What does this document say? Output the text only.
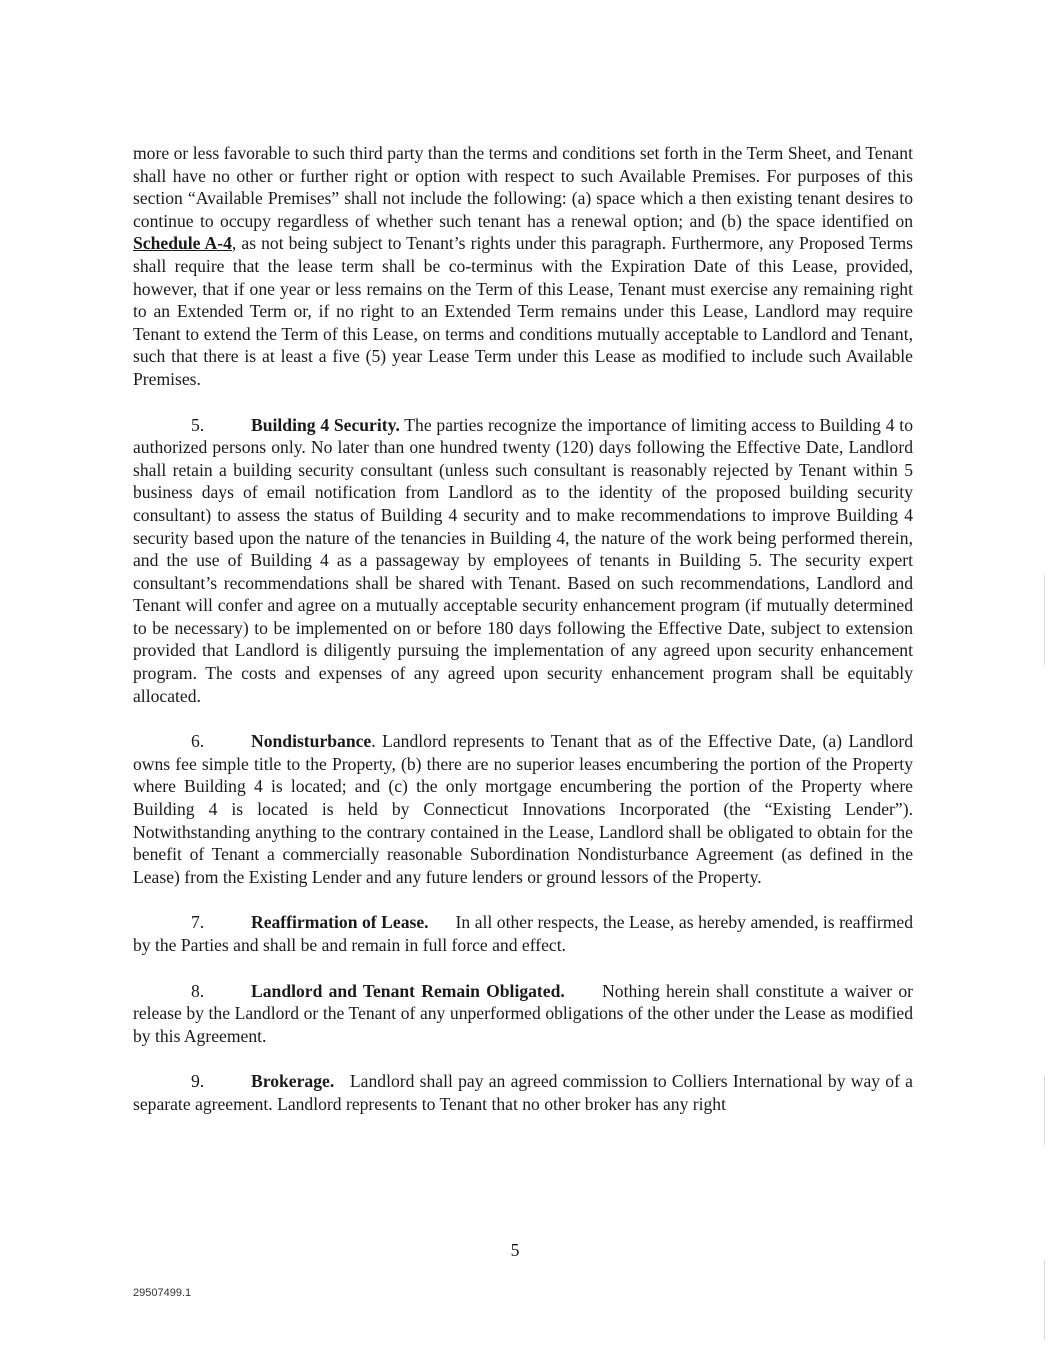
more or less favorable to such third party than the terms and conditions set forth in the Term Sheet, and Tenant shall have no other or further right or option with respect to such Available Premises. For purposes of this section “Available Premises” shall not include the following: (a) space which a then existing tenant desires to continue to occupy regardless of whether such tenant has a renewal option; and (b) the space identified on Schedule A-4, as not being subject to Tenant’s rights under this paragraph. Furthermore, any Proposed Terms shall require that the lease term shall be co-terminus with the Expiration Date of this Lease, provided, however, that if one year or less remains on the Term of this Lease, Tenant must exercise any remaining right to an Extended Term or, if no right to an Extended Term remains under this Lease, Landlord may require Tenant to extend the Term of this Lease, on terms and conditions mutually acceptable to Landlord and Tenant, such that there is at least a five (5) year Lease Term under this Lease as modified to include such Available Premises.

5.	Building 4 Security. The parties recognize the importance of limiting access to Building 4 to authorized persons only. No later than one hundred twenty (120) days following the Effective Date, Landlord shall retain a building security consultant (unless such consultant is reasonably rejected by Tenant within 5 business days of email notification from Landlord as to the identity of the proposed building security consultant) to assess the status of Building 4 security and to make recommendations to improve Building 4 security based upon the nature of the tenancies in Building 4, the nature of the work being performed therein, and the use of Building 4 as a passageway by employees of tenants in Building 5. The security expert consultant’s recommendations shall be shared with Tenant. Based on such recommendations, Landlord and Tenant will confer and agree on a mutually acceptable security enhancement program (if mutually determined to be necessary) to be implemented on or before 180 days following the Effective Date, subject to extension provided that Landlord is diligently pursuing the implementation of any agreed upon security enhancement program. The costs and expenses of any agreed upon security enhancement program shall be equitably allocated.

6.	Nondisturbance. Landlord represents to Tenant that as of the Effective Date, (a) Landlord owns fee simple title to the Property, (b) there are no superior leases encumbering the portion of the Property where Building 4 is located; and (c) the only mortgage encumbering the portion of the Property where Building 4 is located is held by Connecticut Innovations Incorporated (the “Existing Lender”). Notwithstanding anything to the contrary contained in the Lease, Landlord shall be obligated to obtain for the benefit of Tenant a commercially reasonable Subordination Nondisturbance Agreement (as defined in the Lease) from the Existing Lender and any future lenders or ground lessors of the Property.

7.	Reaffirmation of Lease.      In all other respects, the Lease, as hereby amended, is reaffirmed by the Parties and shall be and remain in full force and effect.

8.	Landlord and Tenant Remain Obligated.      Nothing herein shall constitute a waiver or release by the Landlord or the Tenant of any unperformed obligations of the other under the Lease as modified by this Agreement.

9.	Brokerage.   Landlord shall pay an agreed commission to Colliers International by way of a separate agreement. Landlord represents to Tenant that no other broker has any right

5
29507499.1
